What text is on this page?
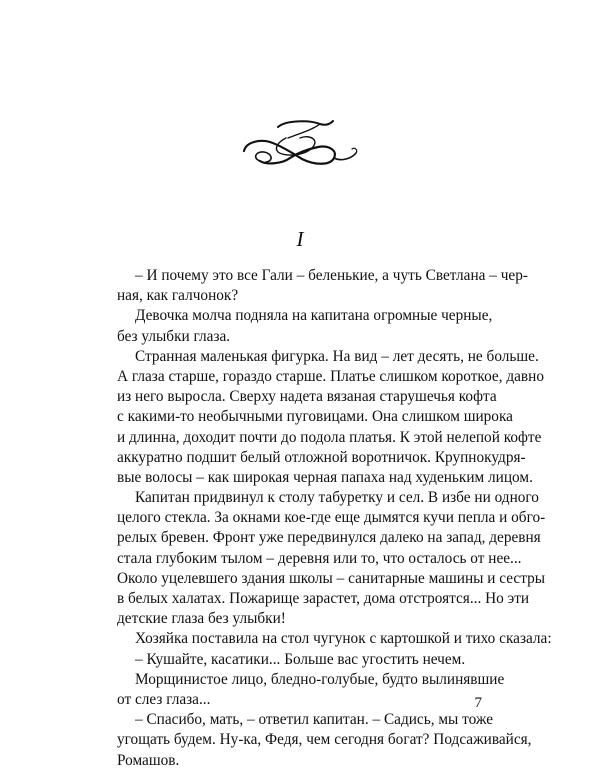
I
– И почему это все Гали – беленькие, а чуть Светлана – чер-
ная, как галчонок?
Девочка молча подняла на капитана огромные черные,
без улыбки глаза.
Странная маленькая фигурка. На вид – лет десять, не больше.
А глаза старше, гораздо старше. Платье слишком короткое, давно
из него выросла. Сверху надета вязаная старушечья кофта
с какими-то необычными пуговицами. Она слишком широка
и длинна, доходит почти до подола платья. К этой нелепой кофте
аккуратно подшит белый отложной воротничок. Крупнокудря-
вые волосы – как широкая черная папаха над худеньким лицом.
Капитан придвинул к столу табуретку и сел. В избе ни одного
целого стекла. За окнами кое-где еще дымятся кучи пепла и обго-
релых бревен. Фронт уже передвинулся далеко на запад, деревня
стала глубоким тылом – деревня или то, что осталось от нее...
Около уцелевшего здания школы – санитарные машины и сестры
в белых халатах. Пожарище зарастет, дома отстроятся... Но эти
детские глаза без улыбки!
Хозяйка поставила на стол чугунок с картошкой и тихо сказала:
– Кушайте, касатики... Больше вас угостить нечем.
Морщинистое лицо, бледно-голубые, будто вылинявшие
от слез глаза...
– Спасибо, мать, – ответил капитан. – Садись, мы тоже
угощать будем. Ну-ка, Федя, чем сегодня богат? Подсаживайся,
Ромашов.
7
